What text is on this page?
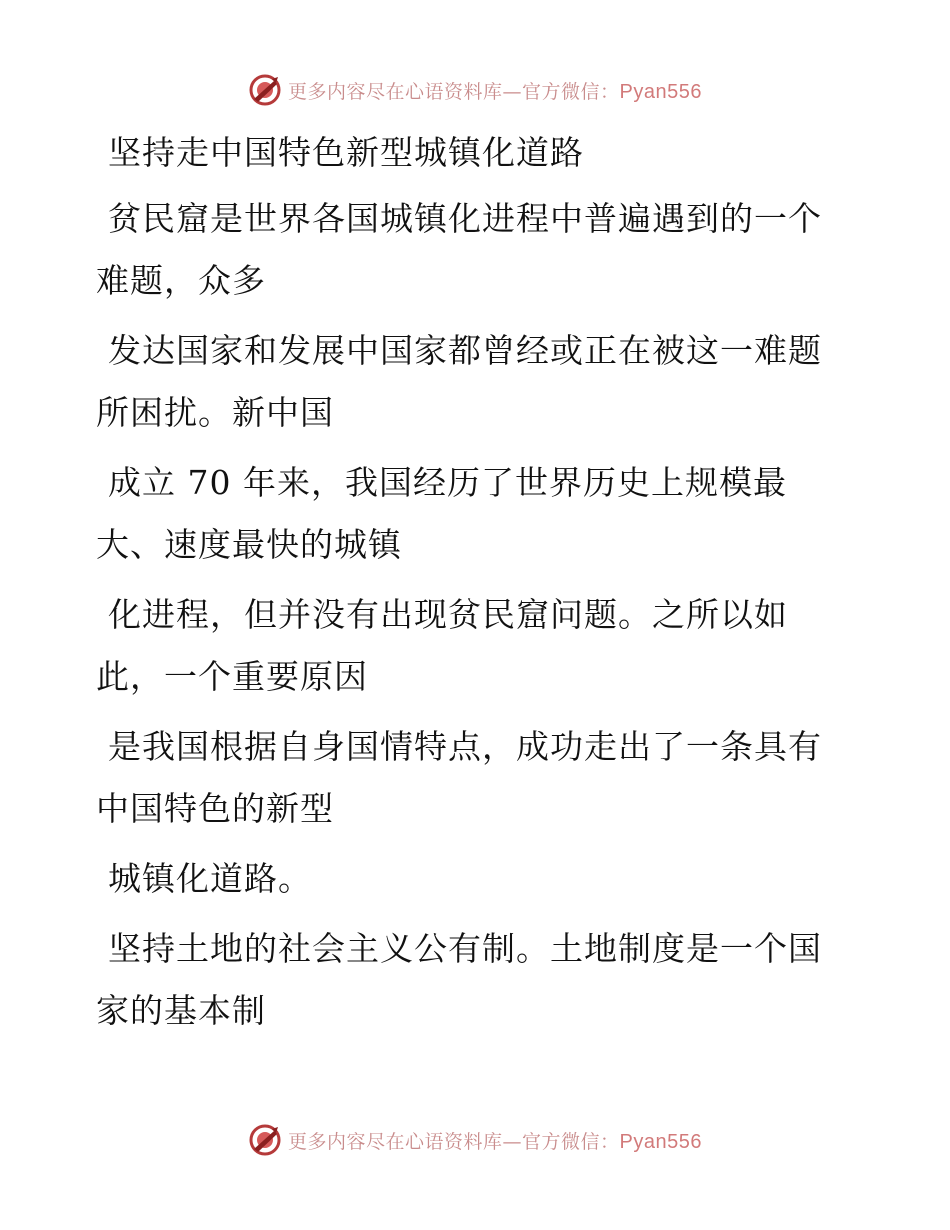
更多内容尽在心语资料库—官方微信：Pyan556

坚持走中国特色新型城镇化道路

贫民窟是世界各国城镇化进程中普遍遇到的一个难题，众多

发达国家和发展中国家都曾经或正在被这一难题所困扰。新中国

成立 70 年来，我国经历了世界历史上规模最大、速度最快的城镇

化进程，但并没有出现贫民窟问题。之所以如此，一个重要原因

是我国根据自身国情特点，成功走出了一条具有中国特色的新型

城镇化道路。

坚持土地的社会主义公有制。土地制度是一个国家的基本制

更多内容尽在心语资料库—官方微信：Pyan556
